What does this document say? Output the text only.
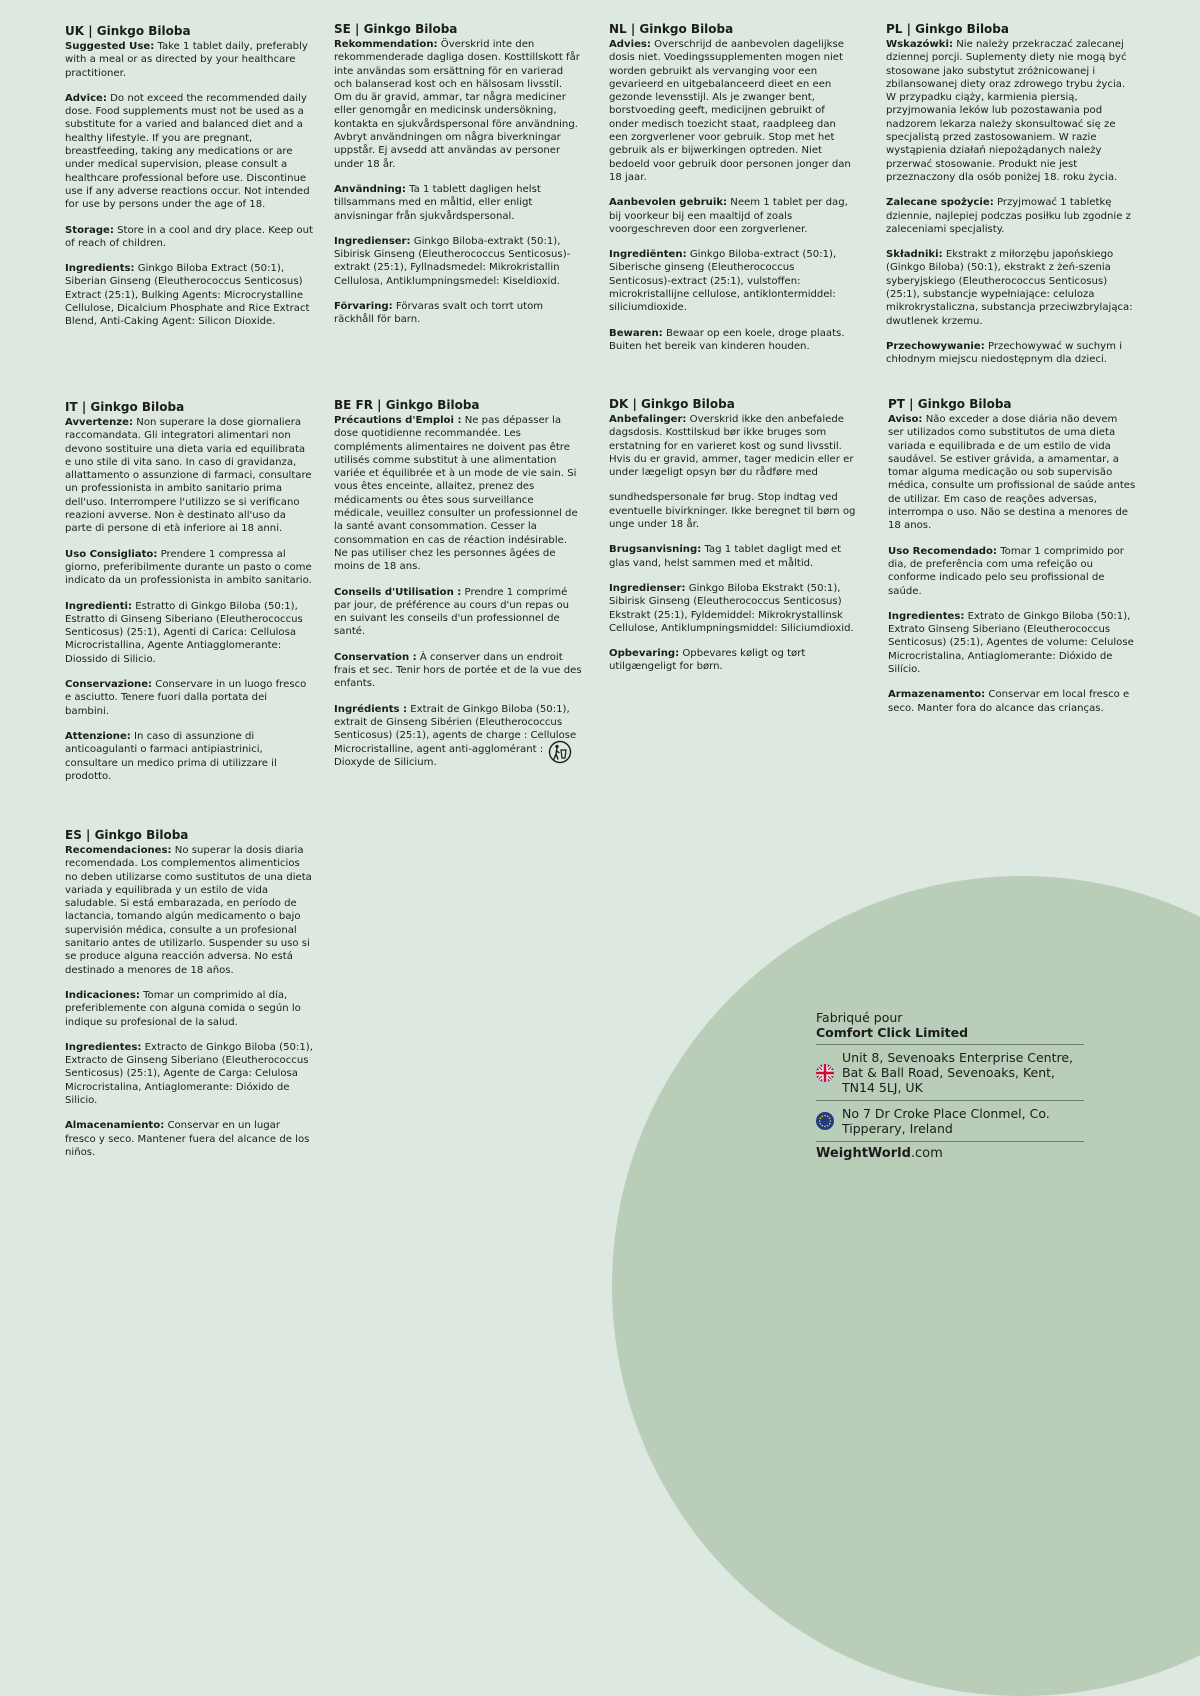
UK | Ginkgo Biloba

Suggested Use: Take 1 tablet daily, preferably with a meal or as directed by your healthcare practitioner.

Advice: Do not exceed the recommended daily dose. Food supplements must not be used as a substitute for a varied and balanced diet and a healthy lifestyle. If you are pregnant, breastfeeding, taking any medications or are under medical supervision, please consult a healthcare professional before use. Discontinue use if any adverse reactions occur. Not intended for use by persons under the age of 18.

Storage: Store in a cool and dry place. Keep out of reach of children.

Ingredients: Ginkgo Biloba Extract (50:1), Siberian Ginseng (Eleutherococcus Senticosus) Extract (25:1), Bulking Agents: Microcrystalline Cellulose, Dicalcium Phosphate and Rice Extract Blend, Anti-Caking Agent: Silicon Dioxide.

SE | Ginkgo Biloba

Rekommendation: Överskrid inte den rekommenderade dagliga dosen. Kosttillskott får inte användas som ersättning för en varierad och balanserad kost och en hälsosam livsstil. Om du är gravid, ammar, tar några mediciner eller genomgår en medicinsk undersökning, kontakta en sjukvårdspersonal före användning. Avbryt användningen om några biverkningar uppstår. Ej avsedd att användas av personer under 18 år.

Användning: Ta 1 tablett dagligen helst tillsammans med en måltid, eller enligt anvisningar från sjukvårdspersonal.

Ingredienser: Ginkgo Biloba-extrakt (50:1), Sibirisk Ginseng (Eleutherococcus Senticosus)-extrakt (25:1), Fyllnadsmedel: Mikrokristallin Cellulosa, Antiklumpningsmedel: Kiseldioxid.

Förvaring: Förvaras svalt och torrt utom räckhåll för barn.

NL | Ginkgo Biloba

Advies: Overschrijd de aanbevolen dagelijkse dosis niet. Voedingssupplementen mogen niet worden gebruikt als vervanging voor een gevarieerd en uitgebalanceerd dieet en een gezonde levensstijl. Als je zwanger bent, borstvoeding geeft, medicijnen gebruikt of onder medisch toezicht staat, raadpleeg dan een zorgverlener voor gebruik. Stop met het gebruik als er bijwerkingen optreden. Niet bedoeld voor gebruik door personen jonger dan 18 jaar.

Aanbevolen gebruik: Neem 1 tablet per dag, bij voorkeur bij een maaltijd of zoals voorgeschreven door een zorgverlener.

Ingrediënten: Ginkgo Biloba-extract (50:1), Siberische ginseng (Eleutherococcus Senticosus)-extract (25:1), vulstoffen: microkristallijne cellulose, antiklontermiddel: siliciumdioxide.

Bewaren: Bewaar op een koele, droge plaats. Buiten het bereik van kinderen houden.

PL | Ginkgo Biloba

Wskazówki: Nie należy przekraczać zalecanej dziennej porcji. Suplementy diety nie mogą być stosowane jako substytut zróżnicowanej i zbilansowanej diety oraz zdrowego trybu życia. W przypadku ciąży, karmienia piersią, przyjmowania leków lub pozostawania pod nadzorem lekarza należy skonsultować się ze specjalistą przed zastosowaniem. W razie wystąpienia działań niepożądanych należy przerwać stosowanie. Produkt nie jest przeznaczony dla osób poniżej 18. roku życia.

Zalecane spożycie: Przyjmować 1 tabletkę dziennie, najlepiej podczas posiłku lub zgodnie z zaleceniami specjalisty.

Składniki: Ekstrakt z miłorzębu japońskiego (Ginkgo Biloba) (50:1), ekstrakt z żeń-szenia syberyjskiego (Eleutherococcus Senticosus) (25:1), substancje wypełniające: celuloza mikrokrystaliczna, substancja przeciwzbrylająca: dwutlenek krzemu.

Przechowywanie: Przechowywać w suchym i chłodnym miejscu niedostępnym dla dzieci.

IT | Ginkgo Biloba

Avvertenze: Non superare la dose giornaliera raccomandata. Gli integratori alimentari non devono sostituire una dieta varia ed equilibrata e uno stile di vita sano. In caso di gravidanza, allattamento o assunzione di farmaci, consultare un professionista in ambito sanitario prima dell'uso. Interrompere l'utilizzo se si verificano reazioni avverse. Non è destinato all'uso da parte di persone di età inferiore ai 18 anni.

Uso Consigliato: Prendere 1 compressa al giorno, preferibilmente durante un pasto o come indicato da un professionista in ambito sanitario.

Ingredienti: Estratto di Ginkgo Biloba (50:1), Estratto di Ginseng Siberiano (Eleutherococcus Senticosus) (25:1), Agenti di Carica: Cellulosa Microcristallina, Agente Antiagglomerante: Diossido di Silicio.

Conservazione: Conservare in un luogo fresco e asciutto. Tenere fuori dalla portata dei bambini.

Attenzione: In caso di assunzione di anticoagulanti o farmaci antipiastrinici, consultare un medico prima di utilizzare il prodotto.

BE FR | Ginkgo Biloba

Précautions d'Emploi : Ne pas dépasser la dose quotidienne recommandée. Les compléments alimentaires ne doivent pas être utilisés comme substitut à une alimentation variée et équilibrée et à un mode de vie sain. Si vous êtes enceinte, allaitez, prenez des médicaments ou êtes sous surveillance médicale, veuillez consulter un professionnel de la santé avant consommation. Cesser la consommation en cas de réaction indésirable. Ne pas utiliser chez les personnes âgées de moins de 18 ans.

Conseils d'Utilisation : Prendre 1 comprimé par jour, de préférence au cours d'un repas ou en suivant les conseils d'un professionnel de santé.

Conservation : À conserver dans un endroit frais et sec. Tenir hors de portée et de la vue des enfants.

Ingrédients : Extrait de Ginkgo Biloba (50:1), extrait de Ginseng Sibérien (Eleutherococcus Senticosus) (25:1), agents de charge : Cellulose Microcristalline, agent anti-agglomérant : Dioxyde de Silicium.

DK | Ginkgo Biloba

Anbefalinger: Overskrid ikke den anbefalede dagsdosis. Kosttilskud bør ikke bruges som erstatning for en varieret kost og sund livsstil. Hvis du er gravid, ammer, tager medicin eller er under lægeligt opsyn bør du rådføre med

sundhedspersonale før brug. Stop indtag ved eventuelle bivirkninger. Ikke beregnet til børn og unge under 18 år.

Brugsanvisning: Tag 1 tablet dagligt med et glas vand, helst sammen med et måltid.

Ingredienser: Ginkgo Biloba Ekstrakt (50:1), Sibirisk Ginseng (Eleutherococcus Senticosus) Ekstrakt (25:1), Fyldemiddel: Mikrokrystallinsk Cellulose, Antiklumpningsmiddel: Siliciumdioxid.

Opbevaring: Opbevares køligt og tørt utilgængeligt for børn.

PT | Ginkgo Biloba

Aviso: Não exceder a dose diária não devem ser utilizados como substitutos de uma dieta variada e equilibrada e de um estilo de vida saudável. Se estiver grávida, a amamentar, a tomar alguma medicação ou sob supervisão médica, consulte um profissional de saúde antes de utilizar. Em caso de reações adversas, interrompa o uso. Não se destina a menores de 18 anos.

Uso Recomendado: Tomar 1 comprimido por dia, de preferência com uma refeição ou conforme indicado pelo seu profissional de saúde.

Ingredientes: Extrato de Ginkgo Biloba (50:1), Extrato Ginseng Siberiano (Eleutherococcus Senticosus) (25:1), Agentes de volume: Celulose Microcristalina, Antiaglomerante: Dióxido de Silício.

Armazenamento: Conservar em local fresco e seco. Manter fora do alcance das crianças.

ES | Ginkgo Biloba

Recomendaciones: No superar la dosis diaria recomendada. Los complementos alimenticios no deben utilizarse como sustitutos de una dieta variada y equilibrada y un estilo de vida saludable. Si está embarazada, en período de lactancia, tomando algún medicamento o bajo supervisión médica, consulte a un profesional sanitario antes de utilizarlo. Suspender su uso si se produce alguna reacción adversa. No está destinado a menores de 18 años.

Indicaciones: Tomar un comprimido al día, preferiblemente con alguna comida o según lo indique su profesional de la salud.

Ingredientes: Extracto de Ginkgo Biloba (50:1), Extracto de Ginseng Siberiano (Eleutherococcus Senticosus) (25:1), Agente de Carga: Celulosa Microcristalina, Antiaglomerante: Dióxido de Silicio.

Almacenamiento: Conservar en un lugar fresco y seco. Mantener fuera del alcance de los niños.

Fabriqué pour
Comfort Click Limited
Unit 8, Sevenoaks Enterprise Centre, Bat & Ball Road, Sevenoaks, Kent, TN14 5LJ, UK
No 7 Dr Croke Place Clonmel, Co. Tipperary, Ireland
WeightWorld.com
